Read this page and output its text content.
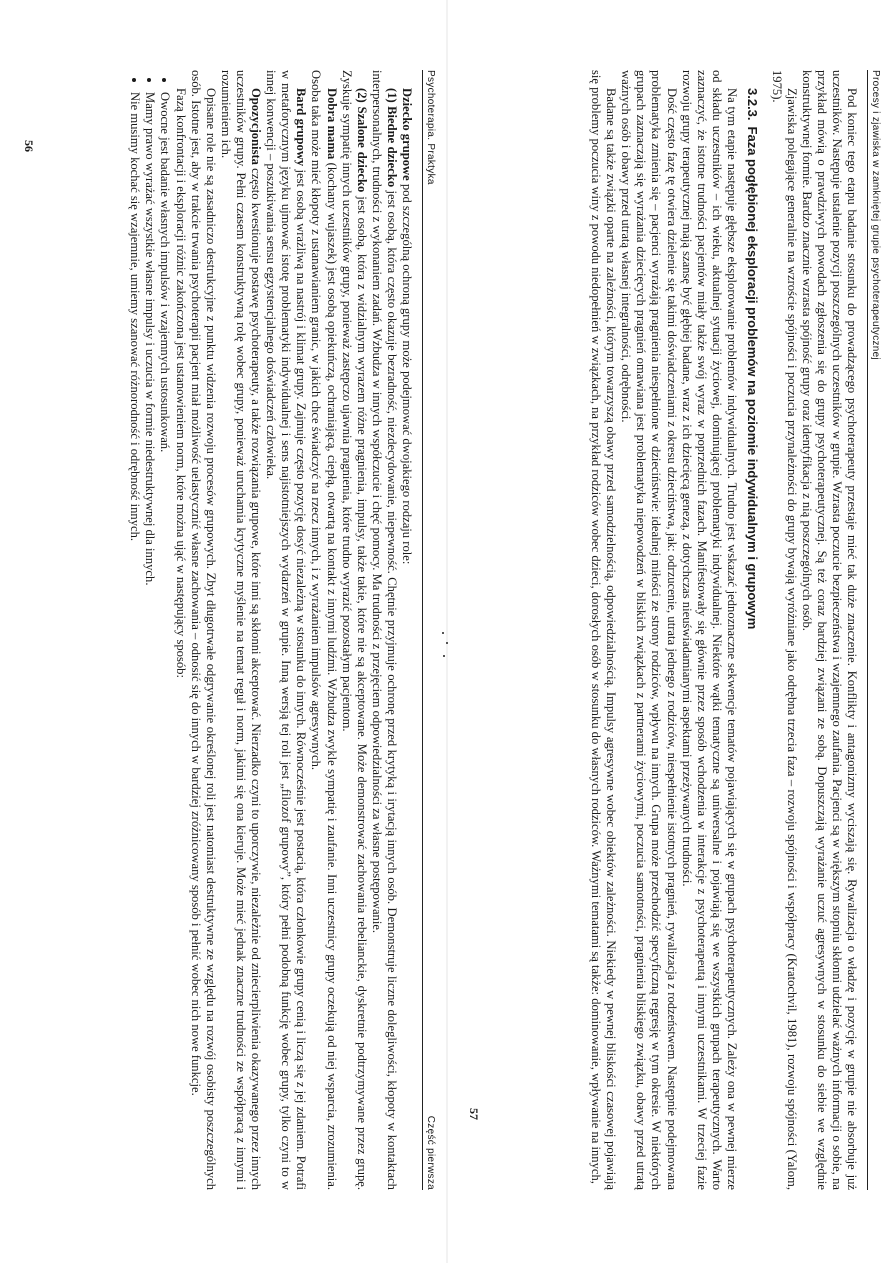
Psychoterapia. Praktyka
Część pierwsza

Dziecko grupowe pod szczególną ochroną grupy może podejmować dwojakiego rodzaju role:

(1) Biedne dziecko jest osobą, która często okazuje bezradność, niezdecydowanie, niepewność. Chętnie przyjmuje ochronę przed krytyką i irytacją innych osób. Demonstruje liczne dolegliwości, kłopoty w kontaktach interpersonalnych, trudności z wykonaniem zadań. Wzbudza w innych współczucie i chęć pomocy. Ma trudności z przejęciem odpowiedzialności za własne postępowanie.

(2) Szalone dziecko jest osobą, która z widzialnym wyrazem różne pragnienia, impulsy, także takie, które nie są akceptowane. Może demonstrować zachowania rebelianckie, dyskretnie podtrzymywane przez grupę. Zyskuje sympatię innych uczestników grupy, ponieważ zastępczo ujawnia pragnienia, które trudno wyrazić pozostałym pacjentom.

Dobra mama (kochany wujaszek) jest osobą opiekuńczą, ochraniającą, ciepłą, otwartą na kontakt z innymi ludźmi. Wzbudza zwykle sympatię i zaufanie. Inni uczestnicy grupy oczekują od niej wsparcia, zrozumienia. Osoba taka może mieć kłopoty z ustanawianiem granic, w jakich chce świadczyć na rzecz innych, i z wyrażaniem impulsów agresywnych.

Bard grupowy jest osobą wrażliwą na nastrój i klimat grupy. Zajmuje często pozycję dosyć niezależną w stosunku do innych. Równocześnie jest postacią, która członkowie grupy cenią i liczą się z jej zdaniem. Potrafi w metaforycznym języku ujmować istotę problematyki indywidualnej i sens najistotniejszych wydarzeń w grupie. Inną wersją tej roli jest „filozof grupowy”, który pełni podobną funkcję wobec grupy, tylko czyni to w innej konwencji – poszukiwania sensu egzystencjalnego doświadczeń człowieka.

Opozycjonista często kwestionuje postawę psychoterapeuty, a także rozwiązania grupowe, które inni są skłonni akceptować. Nierzadko czyni to uporczywie, niezależnie od zniecierpliwienia okazywanego przez innych uczestników grupy. Pełni czasem konstruktywną rolę wobec grupy, ponieważ uruchamia krytyczne myślenie na temat reguł i norm, jakimi się ona kieruje. Może mieć jednak znaczne trudności ze współpracą z innymi i rozumieniem ich.

Opisane role nie są zasadniczo destrukcyjne z punktu widzenia rozwoju procesów grupowych. Zbyt długotrwałe odgrywanie określonej roli jest natomiast destruktywne ze względu na rozwój osobisty poszczególnych osób. Istotne jest, aby w trakcie trwania psychoterapii pacjent miał możliwość uelastycznić własne zachowania – odnosić się do innych w bardziej zróżnicowany sposób i pełnić wobec nich nowe funkcje.

Fazą konfrontacji i eksploracji różnic zakończona jest ustanowieniem norm, które można ująć w następujący sposób:

• Owocne jest badanie własnych impulsów i wzajemnych ustosunkowań.
• Mamy prawo wyrażać wszystkie własne impulsy i uczucia w formie niedestruktywnej dla innych.
• Nie musimy kochać się wzajemnie, umiemy szanować różnorodność i odrębność innych.
56	Procesy i zjawiska w zamkniętej grupie psychoterapeutycznej

Pod koniec tego etapu badanie stosunku do prowadzącego psychoterapeuty przestaje mieć tak duże znaczenie. Konflikty i antagonizmy wyciszają się. Rywalizacja o władzę i pozycję w grupie nie absorbuje już uczestników. Następuje ustalenie pozycji poszczególnych uczestników w grupie. Wzrasta poczucie bezpieczeństwa i wzajemnego zaufania. Pacjenci są w większym stopniu skłonni udzielać ważnych informacji o sobie, na przykład mówią o prawdziwych powodach zgłoszenia się do grupy psychoterapeutycznej. Są też coraz bardziej związani ze sobą. Dopuszczają wyrażanie uczuć agresywnych w stosunku do siebie we względnie konstruktywnej formie. Bardzo znacznie wzrasta spójność grupy oraz identyfikacja z nią poszczególnych osób.

Zjawiska polegające generalnie na wzroście spójności i poczucia przynależności do grupy bywają wyróżniane jako odrębna trzecia faza – rozwoju spójności i współpracy (Kratochvil, 1981), rozwoju spójności (Yalom, 1975).

3.2.3.Faza pogłębionej eksploracji problemów na poziomie indywidualnym i grupowym

Na tym etapie następuje głębsze eksplorowanie problemów indywidualnych. Trudno jest wskazać jednoznaczne sekwencje tematów pojawiających się w grupach psychoterapeutycznych. Zależy ona w pewnej mierze od składu uczestników – ich wieku, aktualnej sytuacji życiowej, dominującej problematyki indywidualnej. Niektóre wątki tematyczne są uniwersalne i pojawiają się we wszystkich grupach terapeutycznych. Warto zaznaczyć, że istotne trudności pacjentów miały także swój wyraz w poprzednich fazach. Manifestowały się głównie przez sposób wchodzenia w interakcje z psychoterapeutą i innymi uczestnikami. W trzeciej fazie rozwoju grupy terapeutycznej mają szansę być głębiej badane, wraz z ich dziecięcą genezą, z dotychczas nieuświadamianymi aspektami przeżywanych trudności.

Dość często fazę tę otwiera dzielenie się takimi doświadczeniami z okresu dzieciństwa, jak: odrzucenie, utrata jednego z rodziców, niespełnienie istotnych pragnień, rywalizacja z rodzeństwem. Następnie podejmowana problematyka zmienia się – pacjenci wyrażają pragnienia niespełnione w dzieciństwie: idealnej miłości ze strony rodziców, wpływu na innych. Grupa może przechodzić specyficzną regresję w tym okresie. W niektórych grupach zaznaczają się wyrażania dziecięcych pragnień omawiana jest problematyka niepowodzeń w bliskich związkach z partnerami życiowymi, poczucia samotności, pragnienia bliskiego związku, obawy przed utratą ważnych osób i obawy przed utratą własnej integralności, odrębności.

Badane są także związki oparte na zależności, którym towarzyszą obawy przed samodzielnością, odpowiedzialnością. Impulsy agresywne wobec obiektów zależności. Niekiedy w pewnej bliskości czasowej pojawiają się problemy poczucia winy z powodu niedopełnień w związkach, na przykład rodziców wobec dzieci, dorosłych osób w stosunku do własnych rodziców. Ważnymi tematami są także: dominowanie, wpływanie na innych,

57
